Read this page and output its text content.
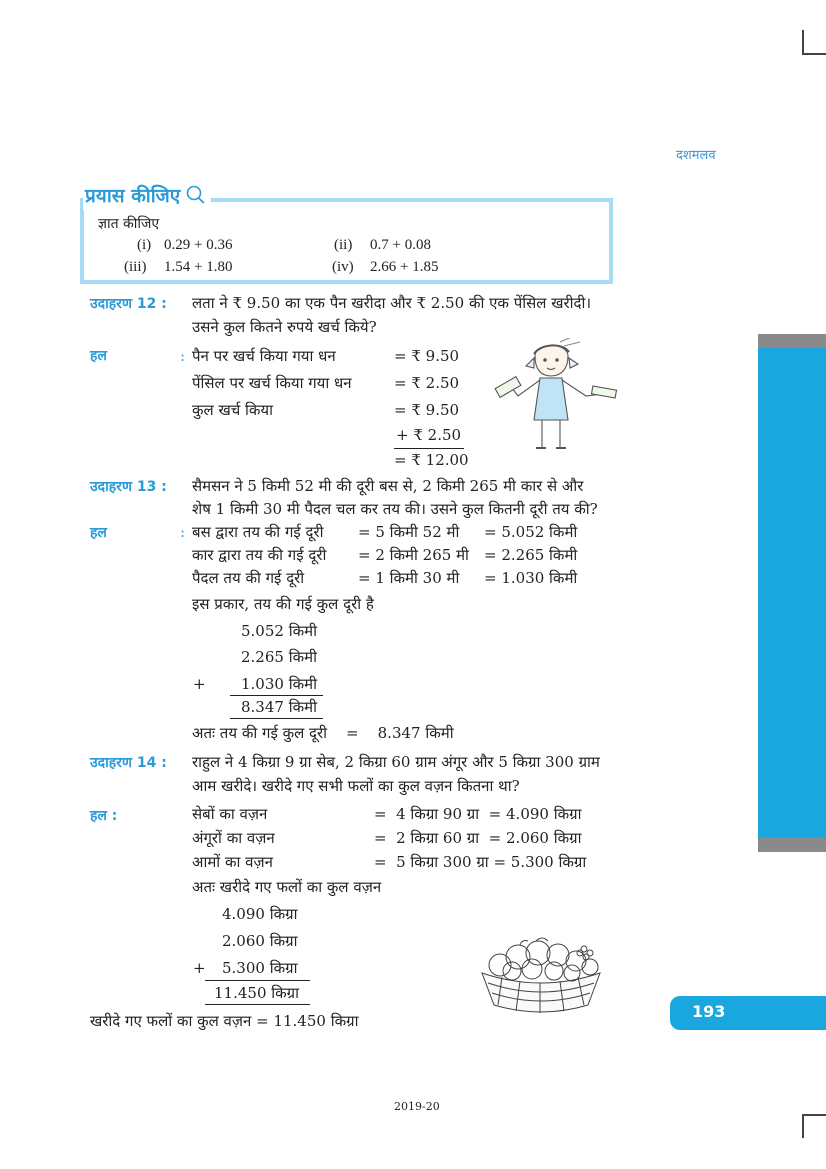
दशमलव
प्रयास कीजिए
ज्ञात कीजिए
(i) 0.29 + 0.36	(ii) 0.7 + 0.08
(iii) 1.54 + 1.80	(iv) 2.66 + 1.85
उदाहरण 12 : लता ने ₹ 9.50 का एक पैन खरीदा और ₹ 2.50 की एक पेंसिल खरीदी।
उसने कुल कितने रुपये खर्च किये?
हल	: पैन पर खर्च किया गया धन	= ₹ 9.50
पेंसिल पर खर्च किया गया धन	= ₹ 2.50
कुल खर्च किया	= ₹ 9.50
+ ₹ 2.50
= ₹ 12.00
उदाहरण 13 : सैमसन ने 5 किमी 52 मी की दूरी बस से, 2 किमी 265 मी कार से और
शेष 1 किमी 30 मी पैदल चल कर तय की। उसने कुल कितनी दूरी तय की?
हल	: बस द्वारा तय की गई दूरी = 5 किमी 52 मी = 5.052 किमी
कार द्वारा तय की गई दूरी = 2 किमी 265 मी = 2.265 किमी
पैदल तय की गई दूरी	= 1 किमी 30 मी = 1.030 किमी
इस प्रकार, तय की गई कुल दूरी है
5.052 किमी
2.265 किमी
+ 1.030 किमी
8.347 किमी
अतः तय की गई कुल दूरी =    8.347 किमी
उदाहरण 14 : राहुल ने 4 किग्रा 9 ग्रा सेब, 2 किग्रा 60 ग्राम अंगूर और 5 किग्रा 300 ग्राम
आम खरीदे। खरीदे गए सभी फलों का कुल वज़न कितना था?
हल :	सेबों का वज़न	=  4 किग्रा 90 ग्रा  = 4.090 किग्रा
अंगूरों का वज़न	=  2 किग्रा 60 ग्रा  = 2.060 किग्रा
आमों का वज़न	=  5 किग्रा 300 ग्रा = 5.300 किग्रा
अतः खरीदे गए फलों का कुल वज़न
4.090 किग्रा
2.060 किग्रा
+ 5.300 किग्रा
11.450 किग्रा
खरीदे गए फलों का कुल वज़न = 11.450 किग्रा	193
2019-20
